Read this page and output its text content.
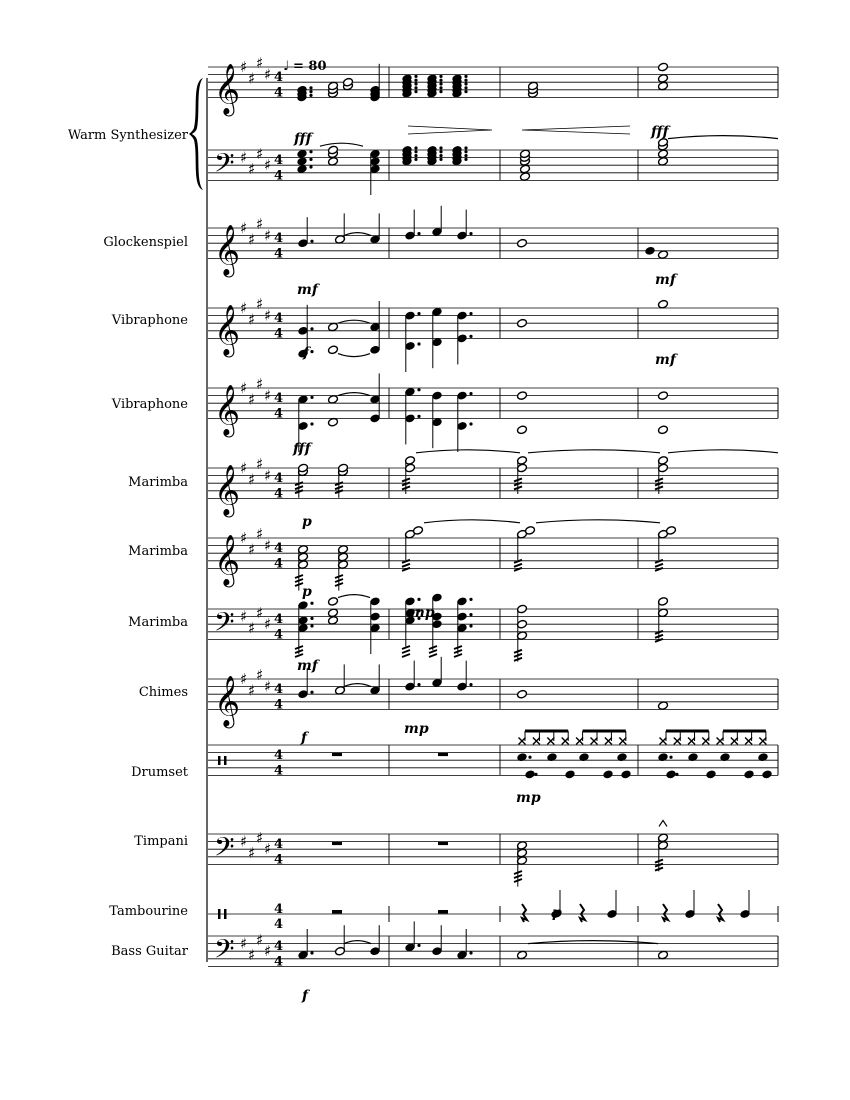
♩ = 80
Warm Synthesizer
Glockenspiel
Vibraphone
Vibraphone
Marimba
Marimba
Marimba
Chimes
Drumset
Timpani
Tambourine
Bass Guitar
𝄞 ♯
♯
♯
♯ 4
4
𝄢 ♯
♯
♯
♯ 4
4
𝄞 ♯
♯
♯
♯ 4
4
𝄞 ♯
♯
♯
♯ 4
4
𝄞 ♯
♯
♯
♯ 4
4
𝄞 ♯
♯
♯
♯ 4
4
𝄞 ♯
♯
♯
♯ 4
4
𝄢 ♯
♯
♯
♯ 4
4
𝄞 ♯
♯
♯
♯ 4
4
𝄢 ♯
♯
♯
♯ 4
4
𝄢 ♯
♯
♯
♯ 4
4
4
4
4
4
fff	fff
mf
f
mf
mf
fff
p
p
mp
mf
f
mp
mp
p
f
